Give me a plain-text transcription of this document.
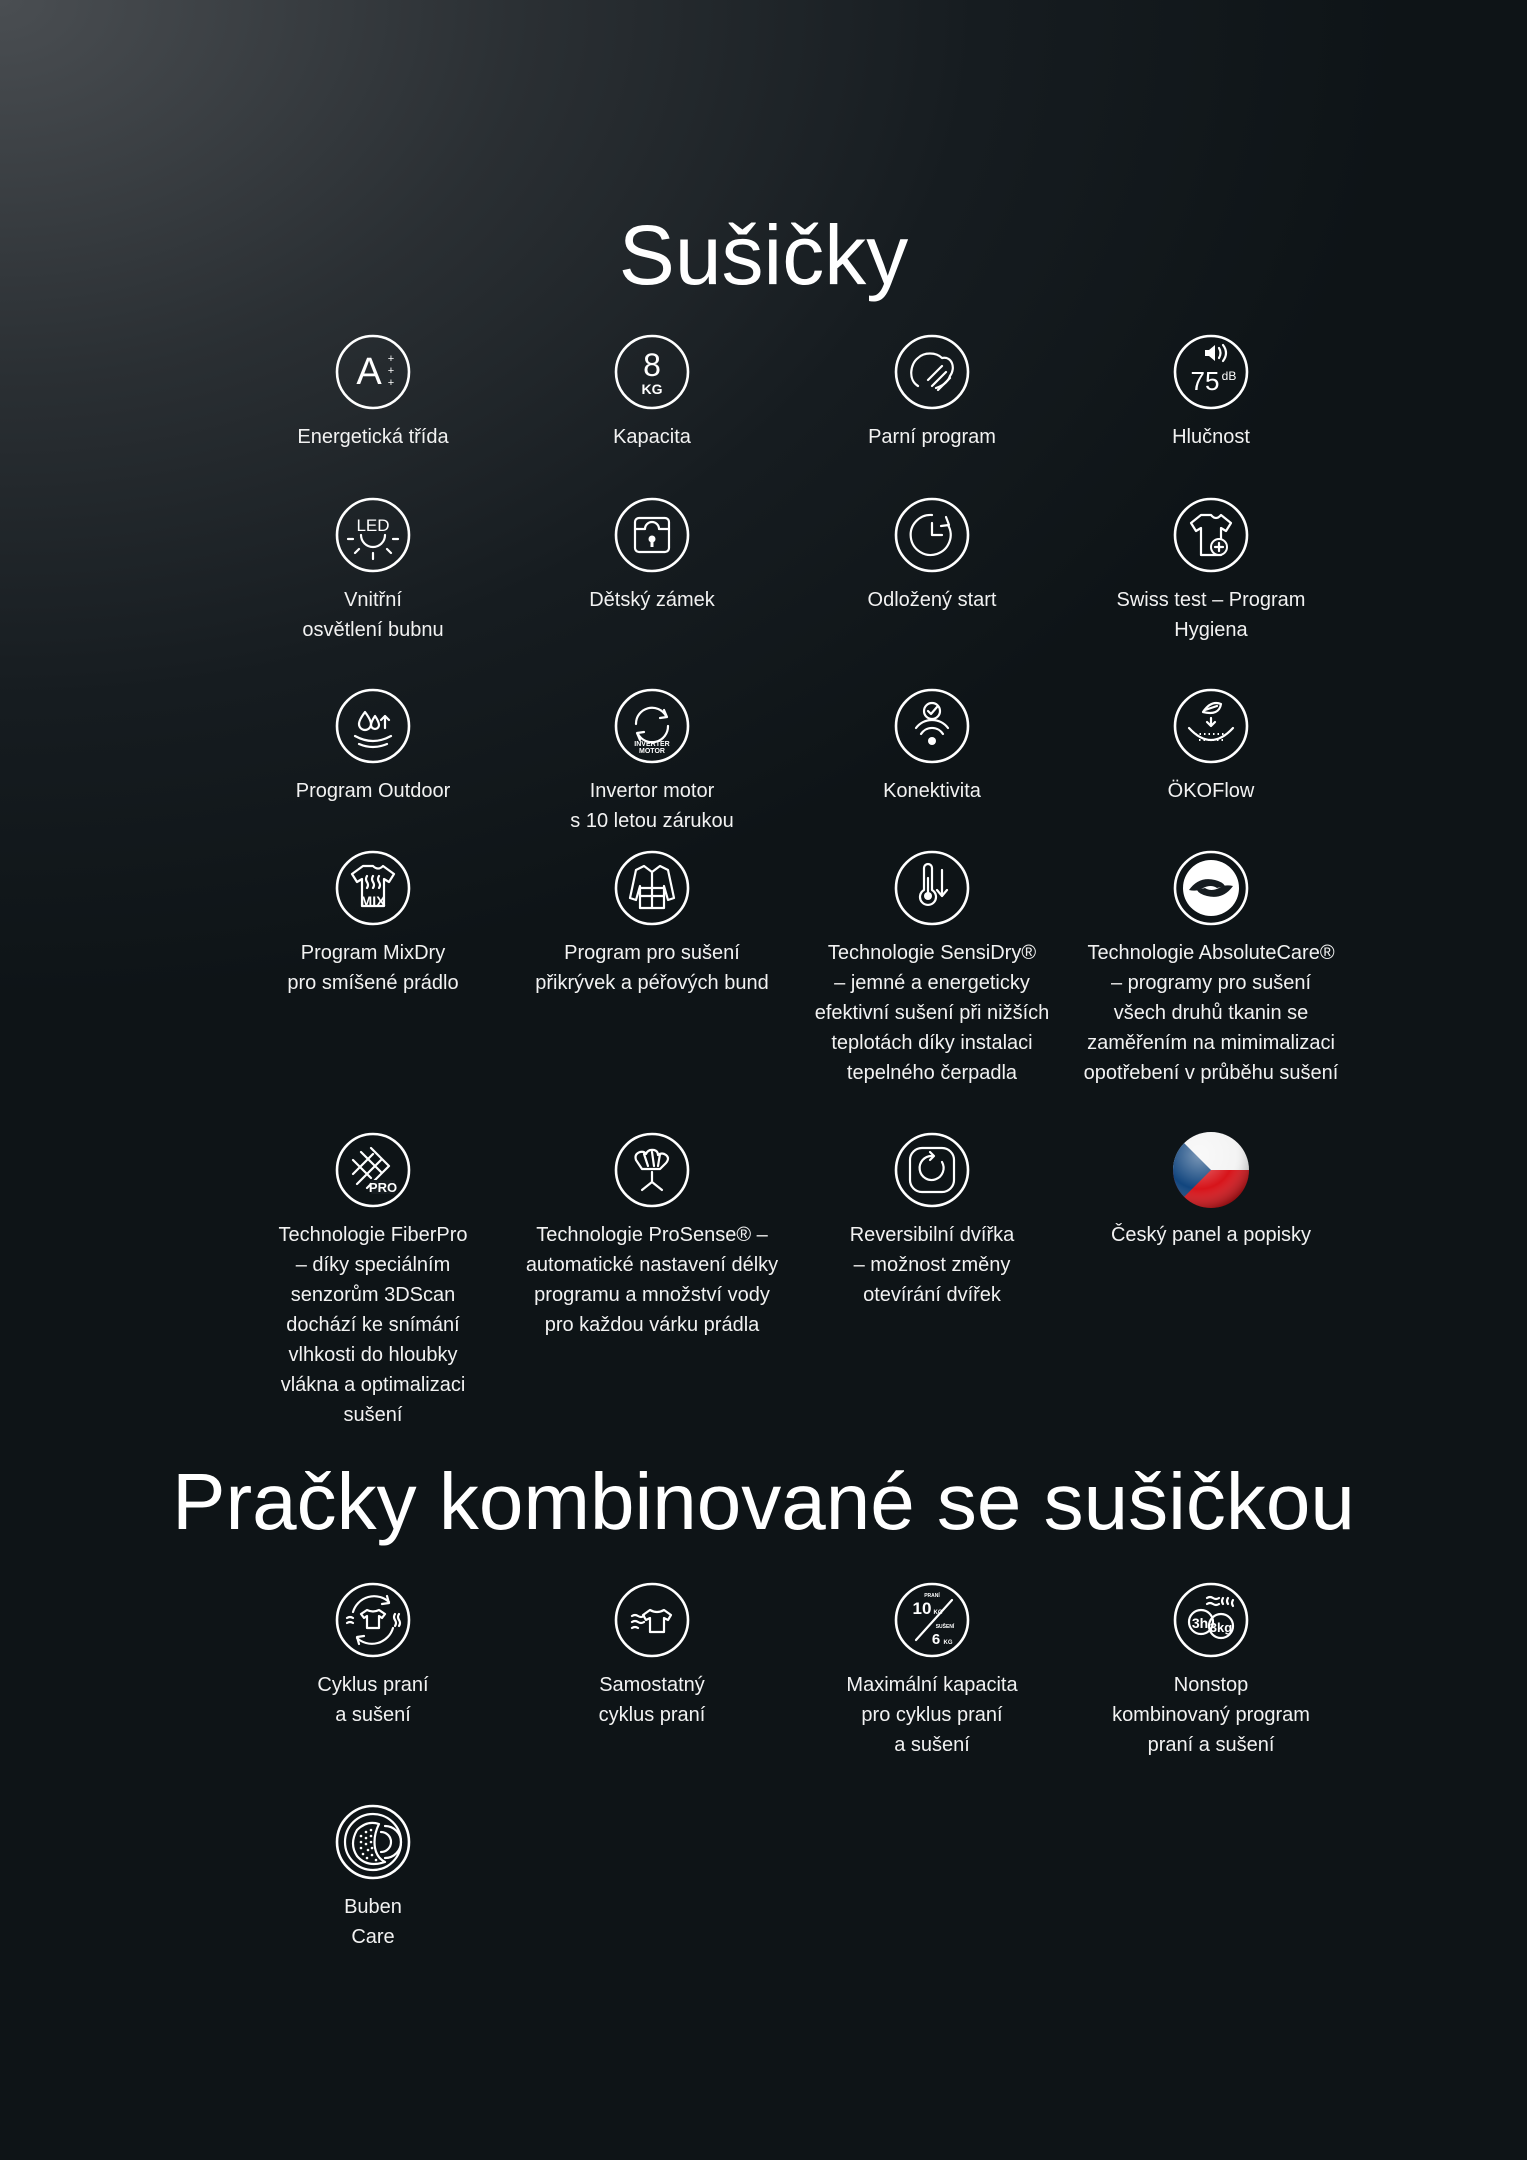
Sušičky
Pračky kombinované se sušičkou
A +
+
+
Energetická třída
8
KG
Kapacita	Parní program
75 dB
Hlučnost
LED
Vnitřní
osvětlení bubnu
Dětský zámek	Odložený start	Swiss test – Program
Hygiena
Program Outdoor
INVERTER
MOTOR
Invertor motor
s 10 letou zárukou
Konektivita	ÖKOFlow
MIX
Program MixDry
pro smíšené prádlo
Program pro sušení
přikrývek a péřových bund
Technologie SensiDry®
– jemné a energeticky
efektivní sušení při nižších
teplotách díky instalaci
tepelného čerpadla
Technologie AbsoluteCare®
– programy pro sušení
všech druhů tkanin se
zaměřením na mimimalizaci
opotřebení v průběhu sušení
PRO
Technologie FiberPro
– díky speciálním
senzorům 3DScan
dochází ke snímání
vlhkosti do hloubky
vlákna a optimalizaci
sušení
Technologie ProSense® –
automatické nastavení délky
programu a množství vody
pro každou várku prádla
Reversibilní dvířka
– možnost změny
otevírání dvířek
Český panel a popisky
Cyklus praní
a sušení
Samostatný
cyklus praní
PRANÍ
10 KG
SUŠENÍ
6 KG
Maximální kapacita
pro cyklus praní
a sušení
3h 3kg
Nonstop
kombinovaný program
praní a sušení
Buben
Care
